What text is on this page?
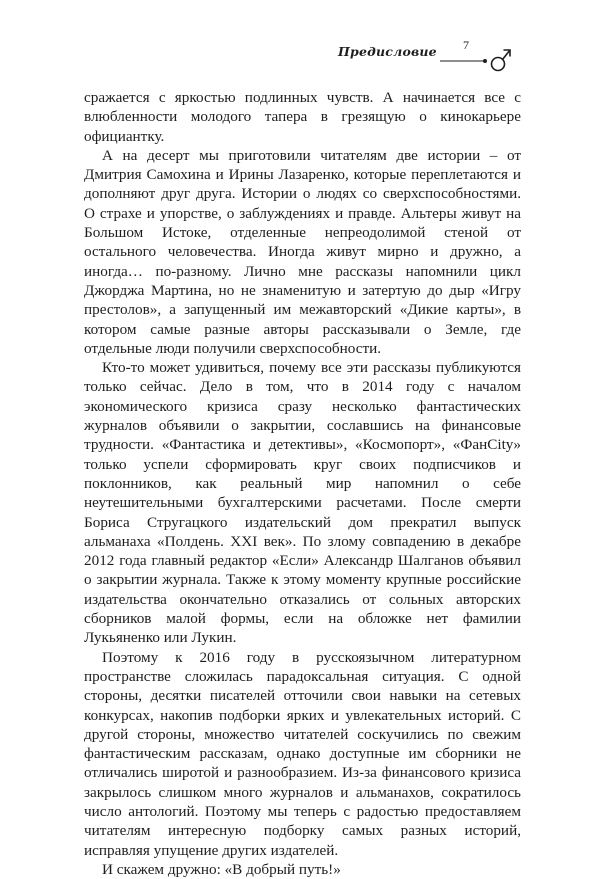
Предисловие 7

сражается с яркостью подлинных чувств. А начинается все с влюбленности молодого тапера в грезящую о кинокарьере официантку.

А на десерт мы приготовили читателям две истории – от Дмитрия Самохина и Ирины Лазаренко, которые переплетаются и дополняют друг друга. Истории о людях со сверхспособностями. О страхе и упорстве, о заблуждениях и правде. Альтеры живут на Большом Истоке, отделенные непреодолимой стеной от остального человечества. Иногда живут мирно и дружно, а иногда… по-разному. Лично мне рассказы напомнили цикл Джорджа Мартина, но не знаменитую и затертую до дыр «Игру престолов», а запущенный им межавторский «Дикие карты», в котором самые разные авторы рассказывали о Земле, где отдельные люди получили сверхспособности.

Кто-то может удивиться, почему все эти рассказы публикуются только сейчас. Дело в том, что в 2014 году с началом экономического кризиса сразу несколько фантастических журналов объявили о закрытии, сославшись на финансовые трудности. «Фантастика и детективы», «Космопорт», «ФанCity» только успели сформировать круг своих подписчиков и поклонников, как реальный мир напомнил о себе неутешительными бухгалтерскими расчетами. После смерти Бориса Стругацкого издательский дом прекратил выпуск альманаха «Полдень. XXI век». По злому совпадению в декабре 2012 года главный редактор «Если» Александр Шалганов объявил о закрытии журнала. Также к этому моменту крупные российские издательства окончательно отказались от сольных авторских сборников малой формы, если на обложке нет фамилии Лукьяненко или Лукин.

Поэтому к 2016 году в русскоязычном литературном пространстве сложилась парадоксальная ситуация. С одной стороны, десятки писателей отточили свои навыки на сетевых конкурсах, накопив подборки ярких и увлекательных историй. С другой стороны, множество читателей соскучились по свежим фантастическим рассказам, однако доступные им сборники не отличались широтой и разнообразием. Из-за финансового кризиса закрылось слишком много журналов и альманахов, сократилось число антологий. Поэтому мы теперь с радостью предоставляем читателям интересную подборку самых разных историй, исправляя упущение других издателей.

И скажем дружно: «В добрый путь!»
